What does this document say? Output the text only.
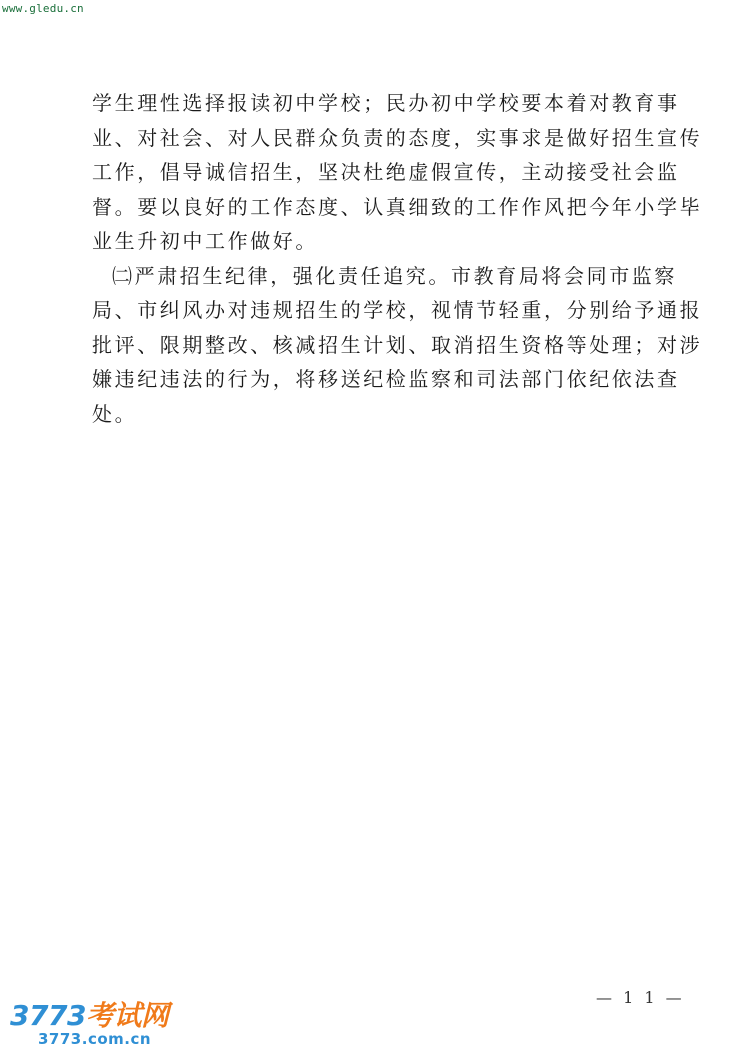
www.gledu.cn
学生理性选择报读初中学校；民办初中学校要本着对教育事
业、对社会、对人民群众负责的态度，实事求是做好招生宣传
工作，倡导诚信招生，坚决杜绝虚假宣传，主动接受社会监
督。要以良好的工作态度、认真细致的工作作风把今年小学毕
业生升初中工作做好。
㈡严肃招生纪律，强化责任追究。市教育局将会同市监察
局、市纠风办对违规招生的学校，视情节轻重，分别给予通报
批评、限期整改、核减招生计划、取消招生资格等处理；对涉
嫌违纪违法的行为，将移送纪检监察和司法部门依纪依法查
处。
— 1 1 —
3773考试网
3773.com.cn
